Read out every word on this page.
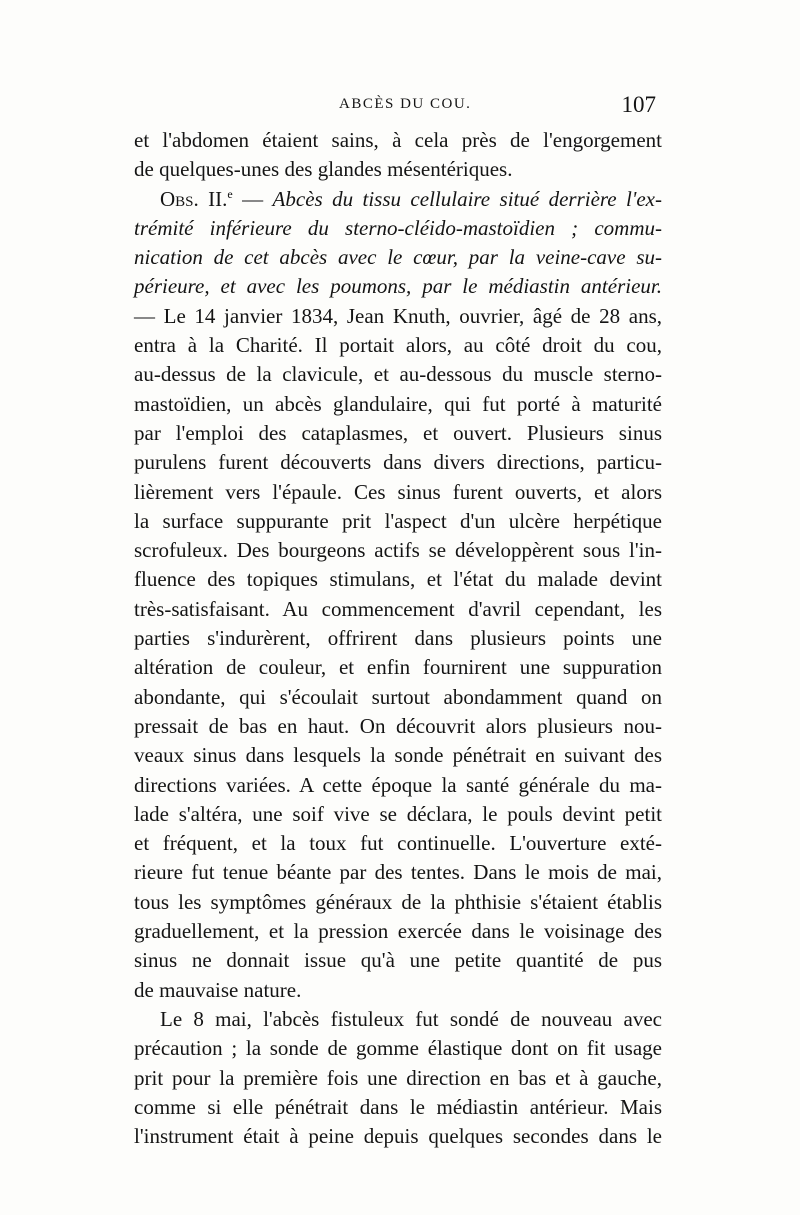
ABCÈS DU COU.	107
et l'abdomen étaient sains, à cela près de l'engorgement
de quelques-unes des glandes mésentériques.
Obs. II.$^e$ — Abcès du tissu cellulaire situé derrière l'ex-
trémité inférieure du sterno-cléido-mastoïdien ; commu-
nication de cet abcès avec le cœur, par la veine-cave su-
périeure, et avec les poumons, par le médiastin antérieur.
— Le 14 janvier 1834, Jean Knuth, ouvrier, âgé de 28 ans,
entra à la Charité. Il portait alors, au côté droit du cou,
au-dessus de la clavicule, et au-dessous du muscle sterno-
mastoïdien, un abcès glandulaire, qui fut porté à maturité
par l'emploi des cataplasmes, et ouvert. Plusieurs sinus
purulens furent découverts dans divers directions, particu-
lièrement vers l'épaule. Ces sinus furent ouverts, et alors
la surface suppurante prit l'aspect d'un ulcère herpétique
scrofuleux. Des bourgeons actifs se développèrent sous l'in-
fluence des topiques stimulans, et l'état du malade devint
très-satisfaisant. Au commencement d'avril cependant, les
parties s'indurèrent, offrirent dans plusieurs points une
altération de couleur, et enfin fournirent une suppuration
abondante, qui s'écoulait surtout abondamment quand on
pressait de bas en haut. On découvrit alors plusieurs nou-
veaux sinus dans lesquels la sonde pénétrait en suivant des
directions variées. A cette époque la santé générale du ma-
lade s'altéra, une soif vive se déclara, le pouls devint petit
et fréquent, et la toux fut continuelle. L'ouverture exté-
rieure fut tenue béante par des tentes. Dans le mois de mai,
tous les symptômes généraux de la phthisie s'étaient établis
graduellement, et la pression exercée dans le voisinage des
sinus ne donnait issue qu'à une petite quantité de pus
de mauvaise nature.
Le 8 mai, l'abcès fistuleux fut sondé de nouveau avec
précaution ; la sonde de gomme élastique dont on fit usage
prit pour la première fois une direction en bas et à gauche,
comme si elle pénétrait dans le médiastin antérieur. Mais
l'instrument était à peine depuis quelques secondes dans le
